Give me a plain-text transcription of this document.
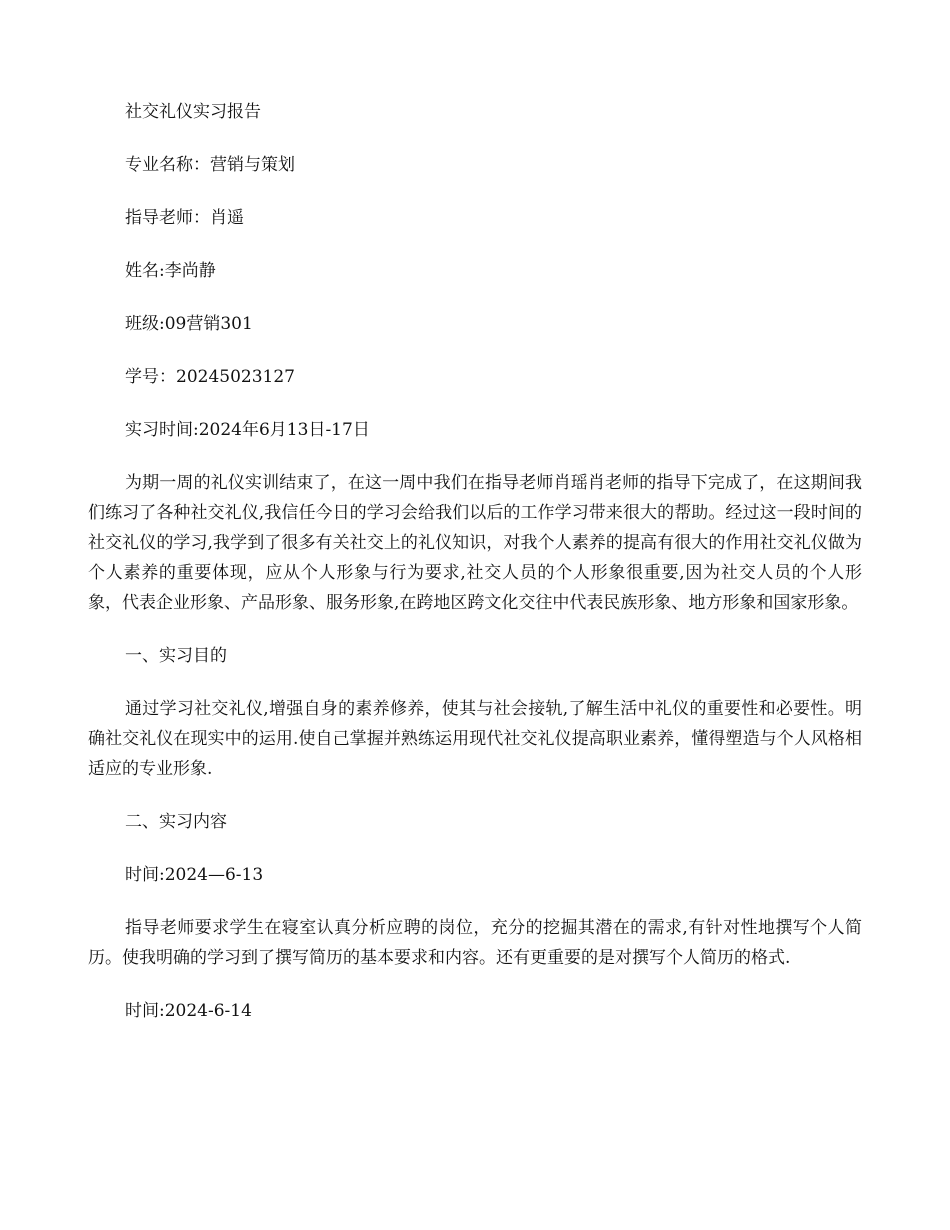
社交礼仪实习报告

专业名称：营销与策划

指导老师：肖遥

姓名:李尚静

班级:09营销301

学号：20245023127

实习时间:2024年6月13日-17日

为期一周的礼仪实训结束了，在这一周中我们在指导老师肖瑶肖老师的指导下完成了，在这期间我们练习了各种社交礼仪,我信任今日的学习会给我们以后的工作学习带来很大的帮助。经过这一段时间的社交礼仪的学习,我学到了很多有关社交上的礼仪知识，对我个人素养的提高有很大的作用社交礼仪做为个人素养的重要体现，应从个人形象与行为要求,社交人员的个人形象很重要,因为社交人员的个人形象，代表企业形象、产品形象、服务形象,在跨地区跨文化交往中代表民族形象、地方形象和国家形象。

一、实习目的

通过学习社交礼仪,增强自身的素养修养，使其与社会接轨,了解生活中礼仪的重要性和必要性。明确社交礼仪在现实中的运用.使自己掌握并熟练运用现代社交礼仪提高职业素养，懂得塑造与个人风格相适应的专业形象.

二、实习内容

时间:2024—6-13

指导老师要求学生在寝室认真分析应聘的岗位，充分的挖掘其潜在的需求,有针对性地撰写个人简历。使我明确的学习到了撰写简历的基本要求和内容。还有更重要的是对撰写个人简历的格式.

时间:2024-6-14
